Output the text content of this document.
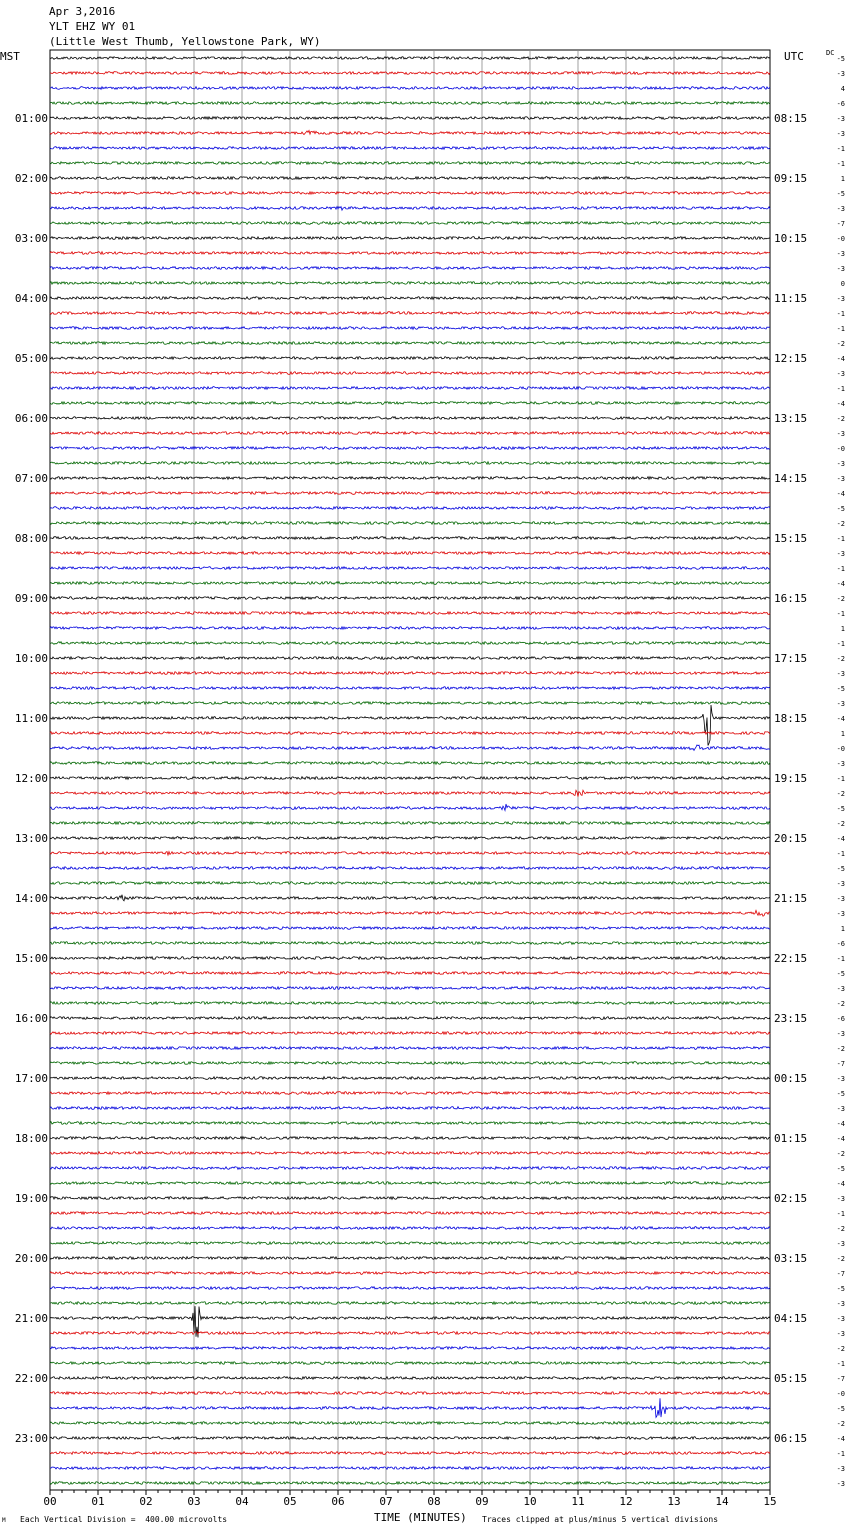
Apr 3,2016
YLT EHZ WY 01
(Little West Thumb, Yellowstone Park, WY)
MST	UTC	DC
00	01	02	03	04	05	06	07	08	09	10	11	12	13	14	15
-5
-3
4
-6
-3
-3
-1
-1
1
-5
-3
-7
-0
-3
-3
0
-3
-1
-1
-2
-4
-3
-1
-4
-2
-3
-0
-3
-3
-4
-5
-2
-1
-3
-1
-4
-2
-1
1
-1
-2
-3
-5
-3
-4
1
-0
-3
-1
-2
-5
-2
-4
-1
-5
-3
-3
-3
1
-6
-1
-5
-3
-2
-6
-3
-2
-7
-3
-5
-3
-4
-4
-2
-5
-4
-3
-1
-2
-3
-2
-7
-5
-3
-3
-3
-2
-1
-7
-0
-5
-2
-4
-1
-3
-3
01:00
02:00
03:00
04:00
05:00
06:00
07:00
08:00
09:00
10:00
11:00
12:00
13:00
14:00
15:00
16:00
17:00
18:00
19:00
20:00
21:00
22:00
23:00
08:15
09:15
10:15
11:15
12:15
13:15
14:15
15:15
16:15
17:15
18:15
19:15
20:15
21:15
22:15
23:15
00:15
01:15
02:15
03:15
04:15
05:15
06:15
M Each Vertical Division =  400.00 microvolts	TIME (MINUTES) Traces clipped at plus/minus 5 vertical divisions
